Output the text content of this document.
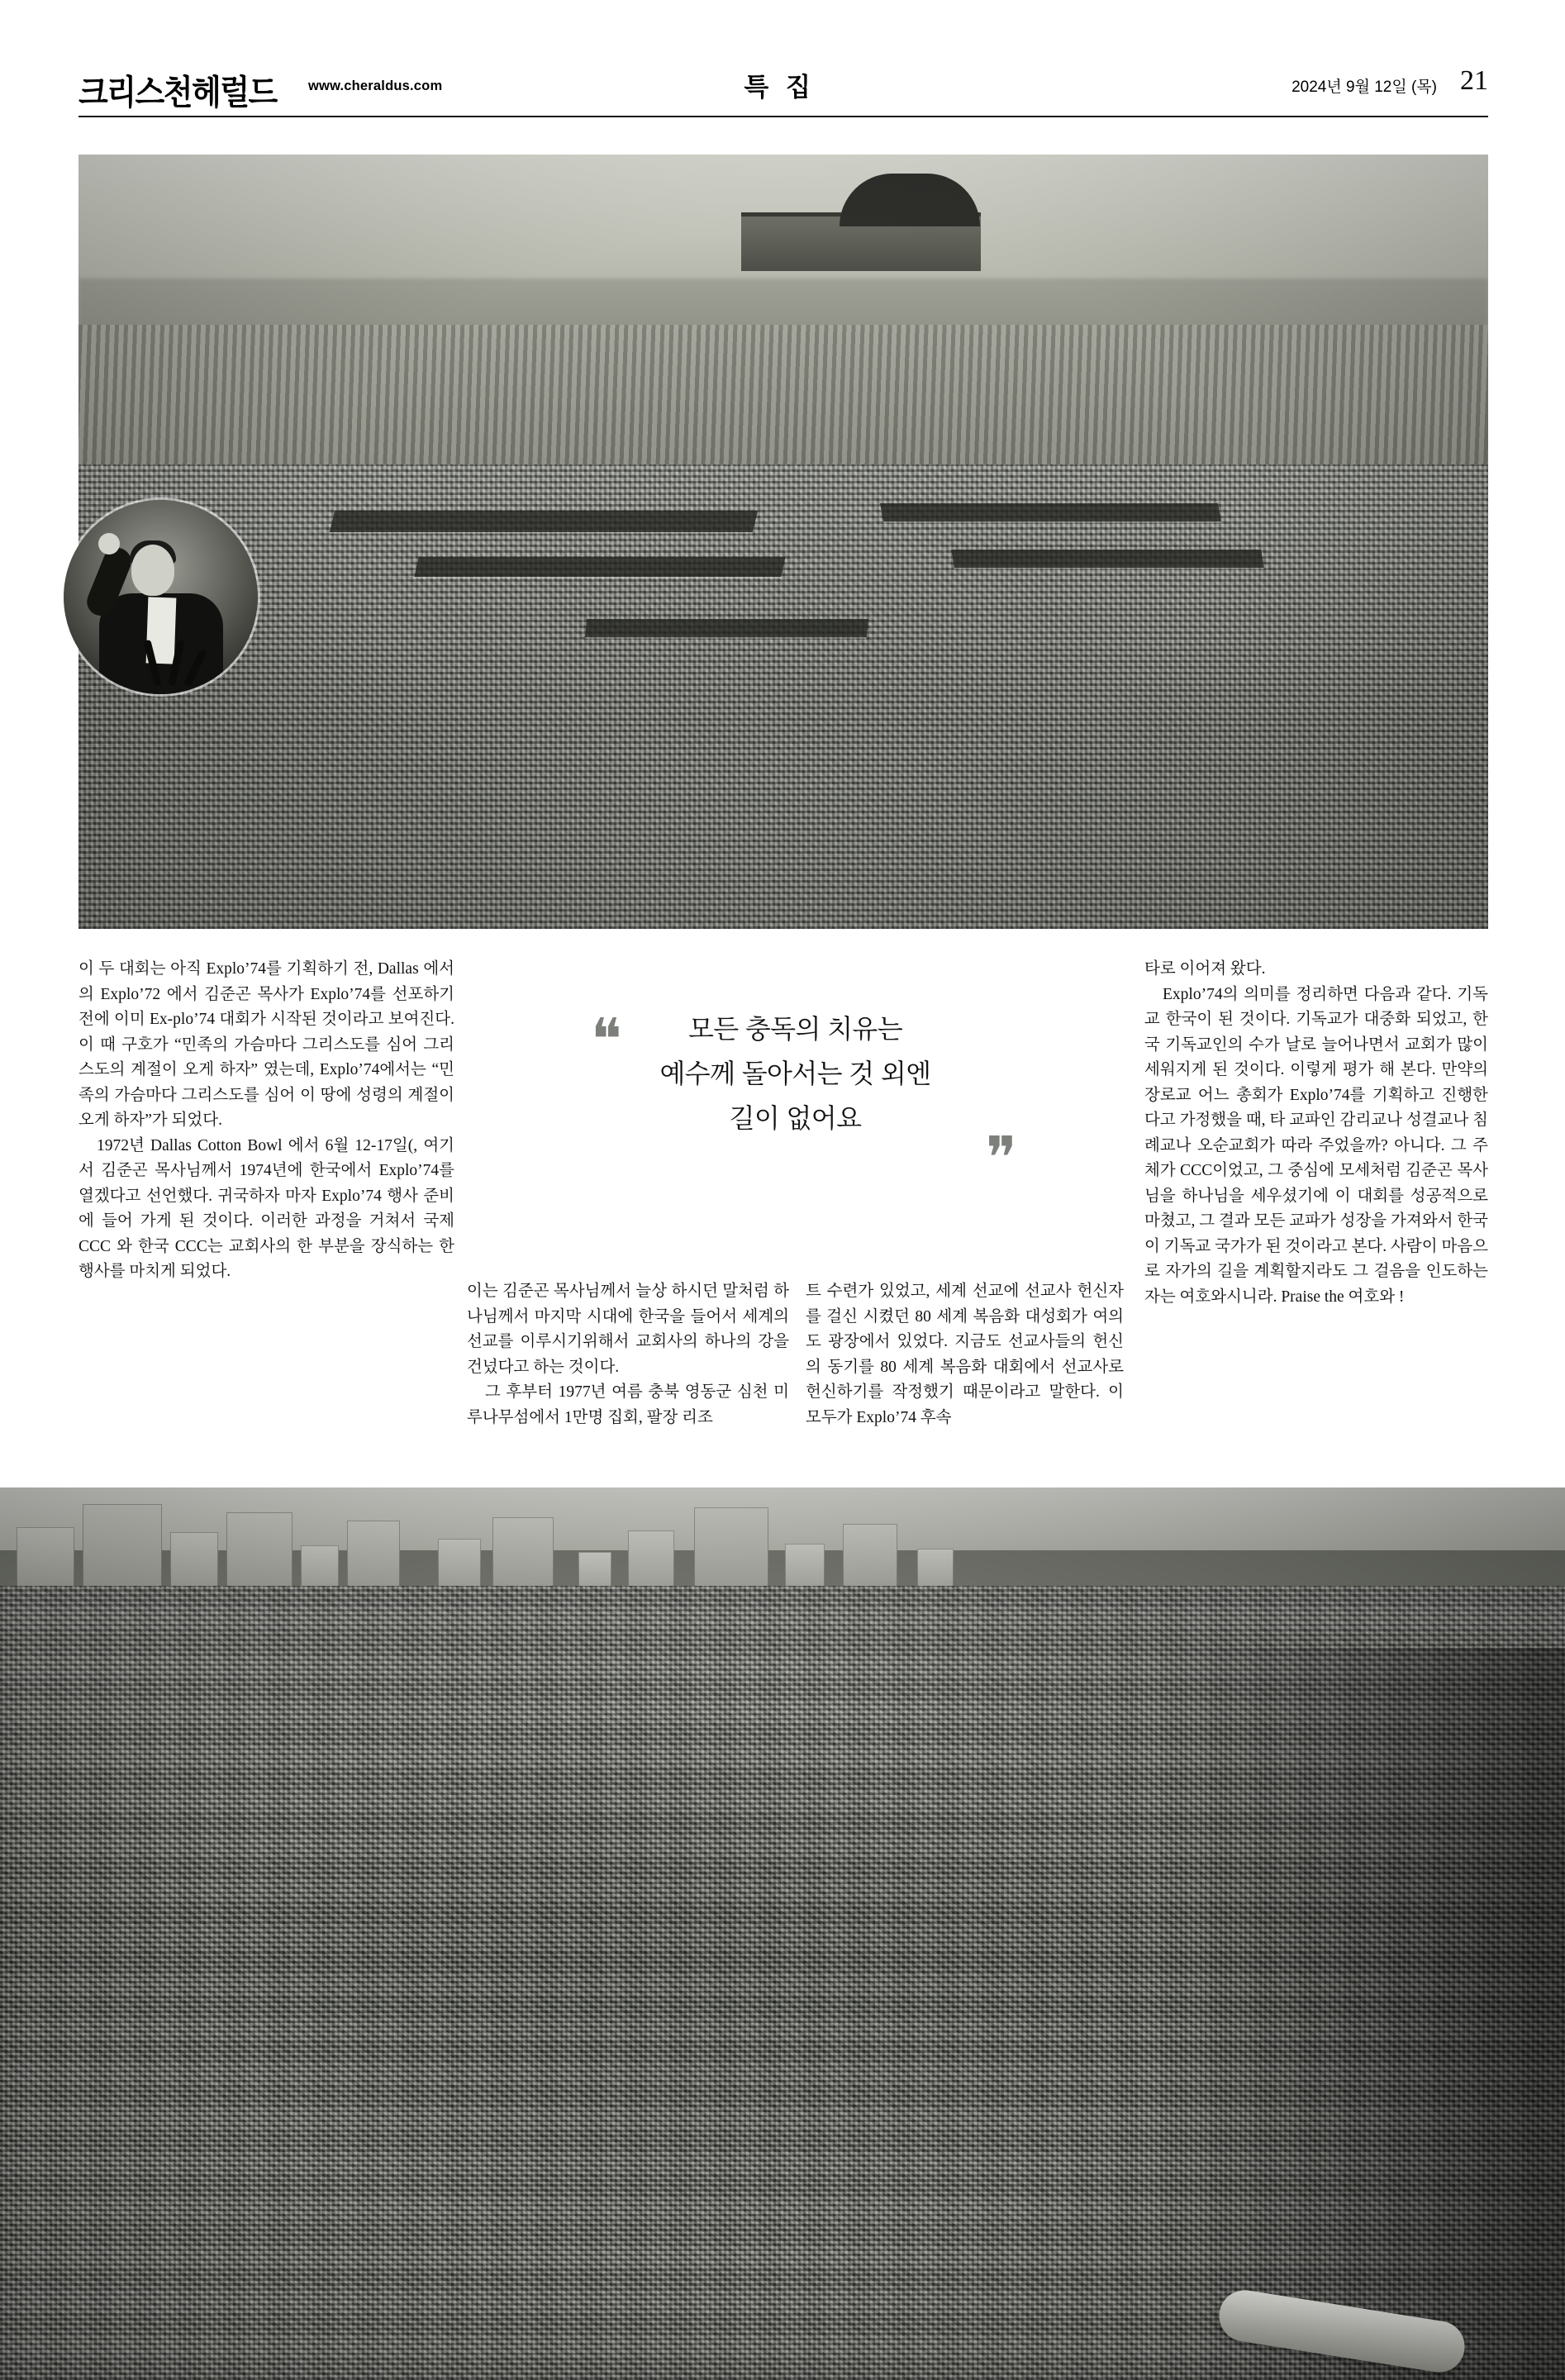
크리스천헤럴드 www.cheraldus.com	특 집	2024년 9월 12일 (목) 21

이 두 대회는 아직 Explo’74를 기획하기 전, Dallas 에서의 Explo’72 에서 김준곤 목사가 Explo’74를 선포하기 전에 이미 Ex-plo’74 대회가 시작된 것이라고 보여진다. 이 때 구호가 “민족의 가슴마다 그리스도를 심어 그리스도의 계절이 오게 하자” 였는데, Explo’74에서는 “민족의 가슴마다 그리스도를 심어 이 땅에 성령의 계절이 오게 하자”가 되었다.

1972년 Dallas Cotton Bowl 에서 6월 12-17일(, 여기서 김준곤 목사님께서 1974년에 한국에서 Explo’74를 열겠다고 선언했다. 귀국하자 마자 Explo’74 행사 준비에 들어 가게 된 것이다. 이러한 과정을 거쳐서 국제 CCC 와 한국 CCC는 교회사의 한 부분을 장식하는 한 행사를 마치게 되었다.

❝	모든 충독의 치유는
예수께 돌아서는 것 외엔
길이 없어요
❞

이는 김준곤 목사님께서 늘상 하시던 말처럼 하나님께서 마지막 시대에 한국을 들어서 세계의 선교를 이루시기위해서 교회사의 하나의 강을 건넜다고 하는 것이다.

그 후부터 1977년 여름 충북 영동군 심천 미루나무섬에서 1만명 집회, 팔장 리조

트 수련가 있었고, 세계 선교에 선교사 헌신자를 걸신 시켰던 80 세계 복음화 대성회가 여의도 광장에서 있었다. 지금도 선교사들의 헌신의 동기를 80 세계 복음화 대회에서 선교사로 헌신하기를 작정했기 때문이라고 말한다. 이 모두가 Explo’74 후속

타로 이어져 왔다.

Explo’74의 의미를 정리하면 다음과 같다. 기독교 한국이 된 것이다. 기독교가 대중화 되었고, 한국 기독교인의 수가 날로 늘어나면서 교회가 많이 세워지게 된 것이다. 이렇게 평가 해 본다. 만약의 장로교 어느 총회가 Explo’74를 기획하고 진행한다고 가정했을 때, 타 교파인 감리교나 성결교나 침례교나 오순교회가 따라 주었을까? 아니다. 그 주체가 CCC이었고, 그 중심에 모세처럼 김준곤 목사님을 하나님을 세우셨기에 이 대회를 성공적으로 마쳤고, 그 결과 모든 교파가 성장을 가져와서 한국이 기독교 국가가 된 것이라고 본다. 사람이 마음으로 자가의 길을 계획할지라도 그 걸음을 인도하는 자는 여호와시니라. Praise the 여호와 !
